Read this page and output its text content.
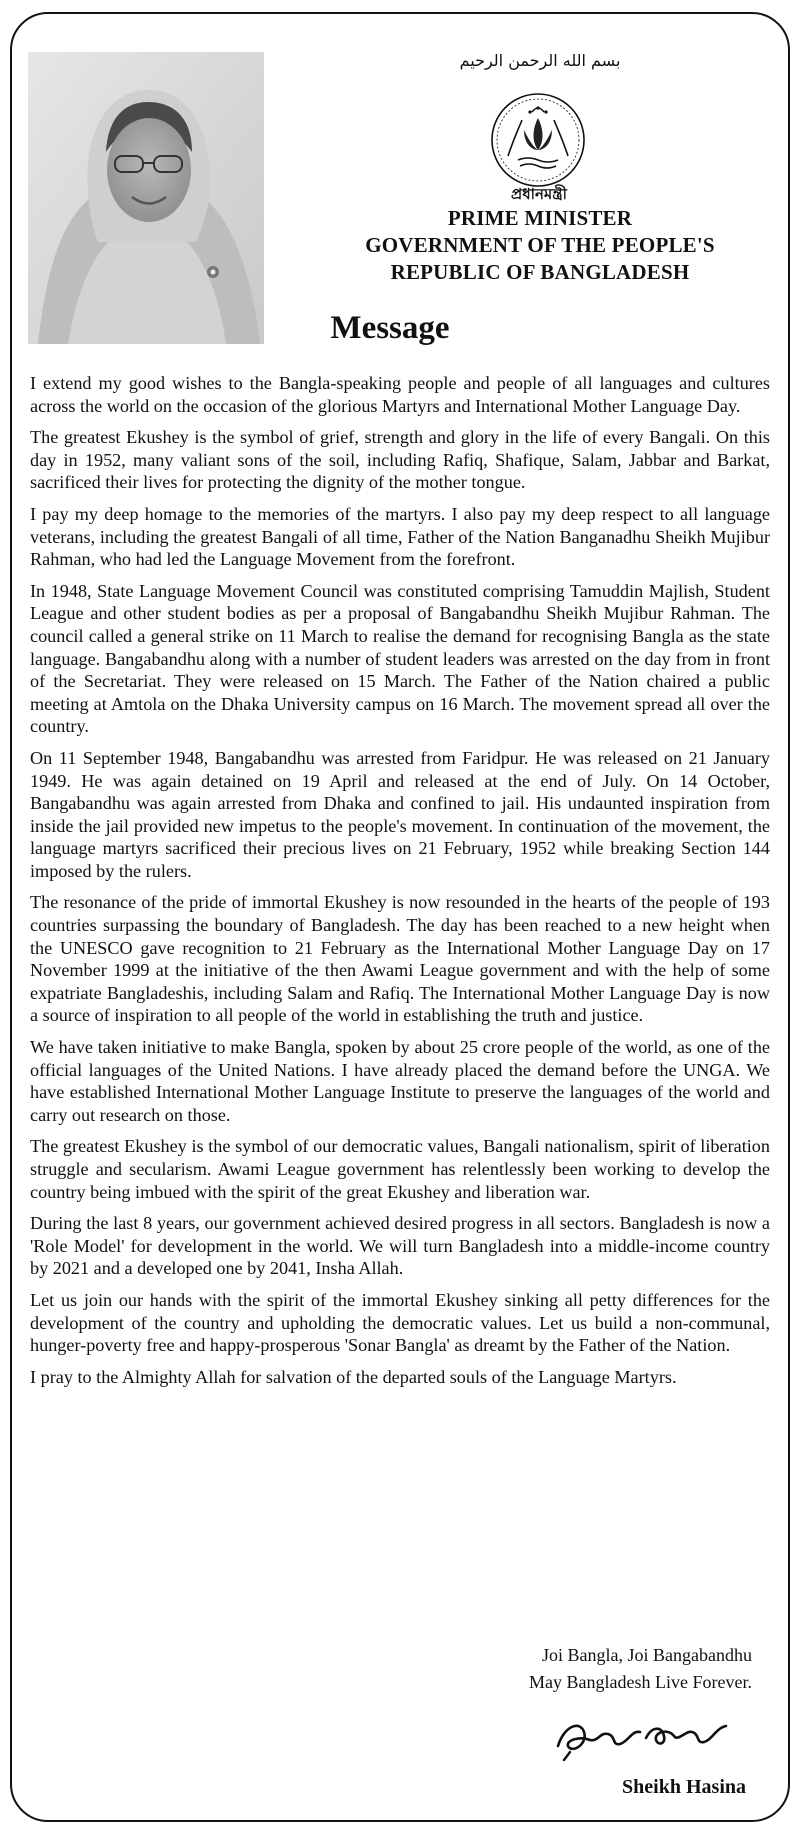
بسم الله الرحمن الرحيم
প্রধানমন্ত্রী
PRIME MINISTER
GOVERNMENT OF THE PEOPLE'S
REPUBLIC OF BANGLADESH
Message

I extend my good wishes to the Bangla-speaking people and people of all languages and cultures across the world on the occasion of the glorious Martyrs and International Mother Language Day.

The greatest Ekushey is the symbol of grief, strength and glory in the life of every Bangali. On this day in 1952, many valiant sons of the soil, including Rafiq, Shafique, Salam, Jabbar and Barkat, sacrificed their lives for protecting the dignity of the mother tongue.

I pay my deep homage to the memories of the martyrs. I also pay my deep respect to all language veterans, including the greatest Bangali of all time, Father of the Nation Banganadhu Sheikh Mujibur Rahman, who had led the Language Movement from the forefront.

In 1948, State Language Movement Council was constituted comprising Tamuddin Majlish, Student League and other student bodies as per a proposal of Bangabandhu Sheikh Mujibur Rahman. The council called a general strike on 11 March to realise the demand for recognising Bangla as the state language. Bangabandhu along with a number of student leaders was arrested on the day from in front of the Secretariat. They were released on 15 March. The Father of the Nation chaired a public meeting at Amtola on the Dhaka University campus on 16 March. The movement spread all over the country.

On 11 September 1948, Bangabandhu was arrested from Faridpur. He was released on 21 January 1949. He was again detained on 19 April and released at the end of July. On 14 October, Bangabandhu was again arrested from Dhaka and confined to jail. His undaunted inspiration from inside the jail provided new impetus to the people's movement. In continuation of the movement, the language martyrs sacrificed their precious lives on 21 February, 1952 while breaking Section 144 imposed by the rulers.

The resonance of the pride of immortal Ekushey is now resounded in the hearts of the people of 193 countries surpassing the boundary of Bangladesh. The day has been reached to a new height when the UNESCO gave recognition to 21 February as the International Mother Language Day on 17 November 1999 at the initiative of the then Awami League government and with the help of some expatriate Bangladeshis, including Salam and Rafiq. The International Mother Language Day is now a source of inspiration to all people of the world in establishing the truth and justice.

We have taken initiative to make Bangla, spoken by about 25 crore people of the world, as one of the official languages of the United Nations. I have already placed the demand before the UNGA. We have established International Mother Language Institute to preserve the languages of the world and carry out research on those.

The greatest Ekushey is the symbol of our democratic values, Bangali nationalism, spirit of liberation struggle and secularism. Awami League government has relentlessly been working to develop the country being imbued with the spirit of the great Ekushey and liberation war.

During the last 8 years, our government achieved desired progress in all sectors. Bangladesh is now a 'Role Model' for development in the world. We will turn Bangladesh into a middle-income country by 2021 and a developed one by 2041, Insha Allah.

Let us join our hands with the spirit of the immortal Ekushey sinking all petty differences for the development of the country and upholding the democratic values. Let us build a non-communal, hunger-poverty free and happy-prosperous 'Sonar Bangla' as dreamt by the Father of the Nation.

I pray to the Almighty Allah for salvation of the departed souls of the Language Martyrs.

Joi Bangla, Joi Bangabandhu
May Bangladesh Live Forever.
Sheikh Hasina
